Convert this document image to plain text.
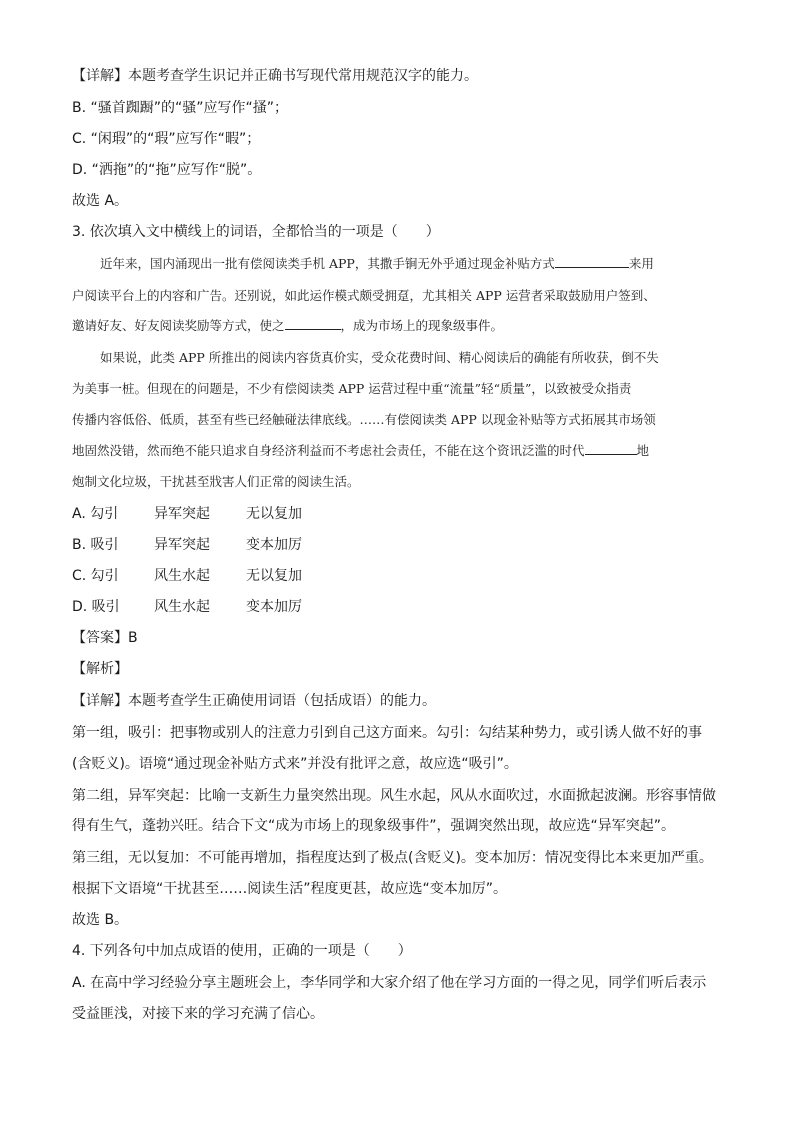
【详解】本题考查学生识记并正确书写现代常用规范汉字的能力。
B. “骚首踟蹰”的“骚”应写作“搔”；
C. “闲瑕”的“瑕”应写作“暇”；
D. “洒拖”的“拖”应写作“脱”。
故选 A。
3. 依次填入文中横线上的词语，全都恰当的一项是（　　）
近年来，国内涌现出一批有偿阅读类手机 APP，其撒手锏无外乎通过现金补贴方式	来用
户阅读平台上的内容和广告。还别说，如此运作模式颇受拥趸，尤其相关 APP 运营者采取鼓励用户签到、
邀请好友、好友阅读奖励等方式，使之	，成为市场上的现象级事件。
如果说，此类 APP 所推出的阅读内容货真价实，受众花费时间、精心阅读后的确能有所收获，倒不失
为美事一桩。但现在的问题是，不少有偿阅读类 APP 运营过程中重“流量”轻“质量”，以致被受众指责
传播内容低俗、低质，甚至有些已经触碰法律底线。……有偿阅读类 APP 以现金补贴等方式拓展其市场领
地固然没错，然而绝不能只追求自身经济利益而不考虑社会责任，不能在这个资讯泛滥的时代	地
炮制文化垃圾，干扰甚至戕害人们正常的阅读生活。
A. 勾引	异军突起	无以复加
B. 吸引	异军突起	变本加厉
C. 勾引	风生水起	无以复加
D. 吸引 风生水起	变本加厉
【答案】B
【解析】
【详解】本题考查学生正确使用词语（包括成语）的能力。
第一组，吸引：把事物或别人的注意力引到自己这方面来。勾引：勾结某种势力，或引诱人做不好的事
(含贬义)。语境“通过现金补贴方式来”并没有批评之意，故应选“吸引”。
第二组，异军突起：比喻一支新生力量突然出现。风生水起，风从水面吹过，水面掀起波澜。形容事情做
得有生气，蓬勃兴旺。结合下文“成为市场上的现象级事件”，强调突然出现，故应选“异军突起”。
第三组，无以复加：不可能再增加，指程度达到了极点(含贬义)。变本加厉：情况变得比本来更加严重。
根据下文语境“干扰甚至……阅读生活”程度更甚，故应选“变本加厉”。
故选 B。
4. 下列各句中加点成语的使用，正确的一项是（　　）
A. 在高中学习经验分享主题班会上，李华同学和大家介绍了他在学习方面的一得之见，同学们听后表示
受益匪浅，对接下来的学习充满了信心。
